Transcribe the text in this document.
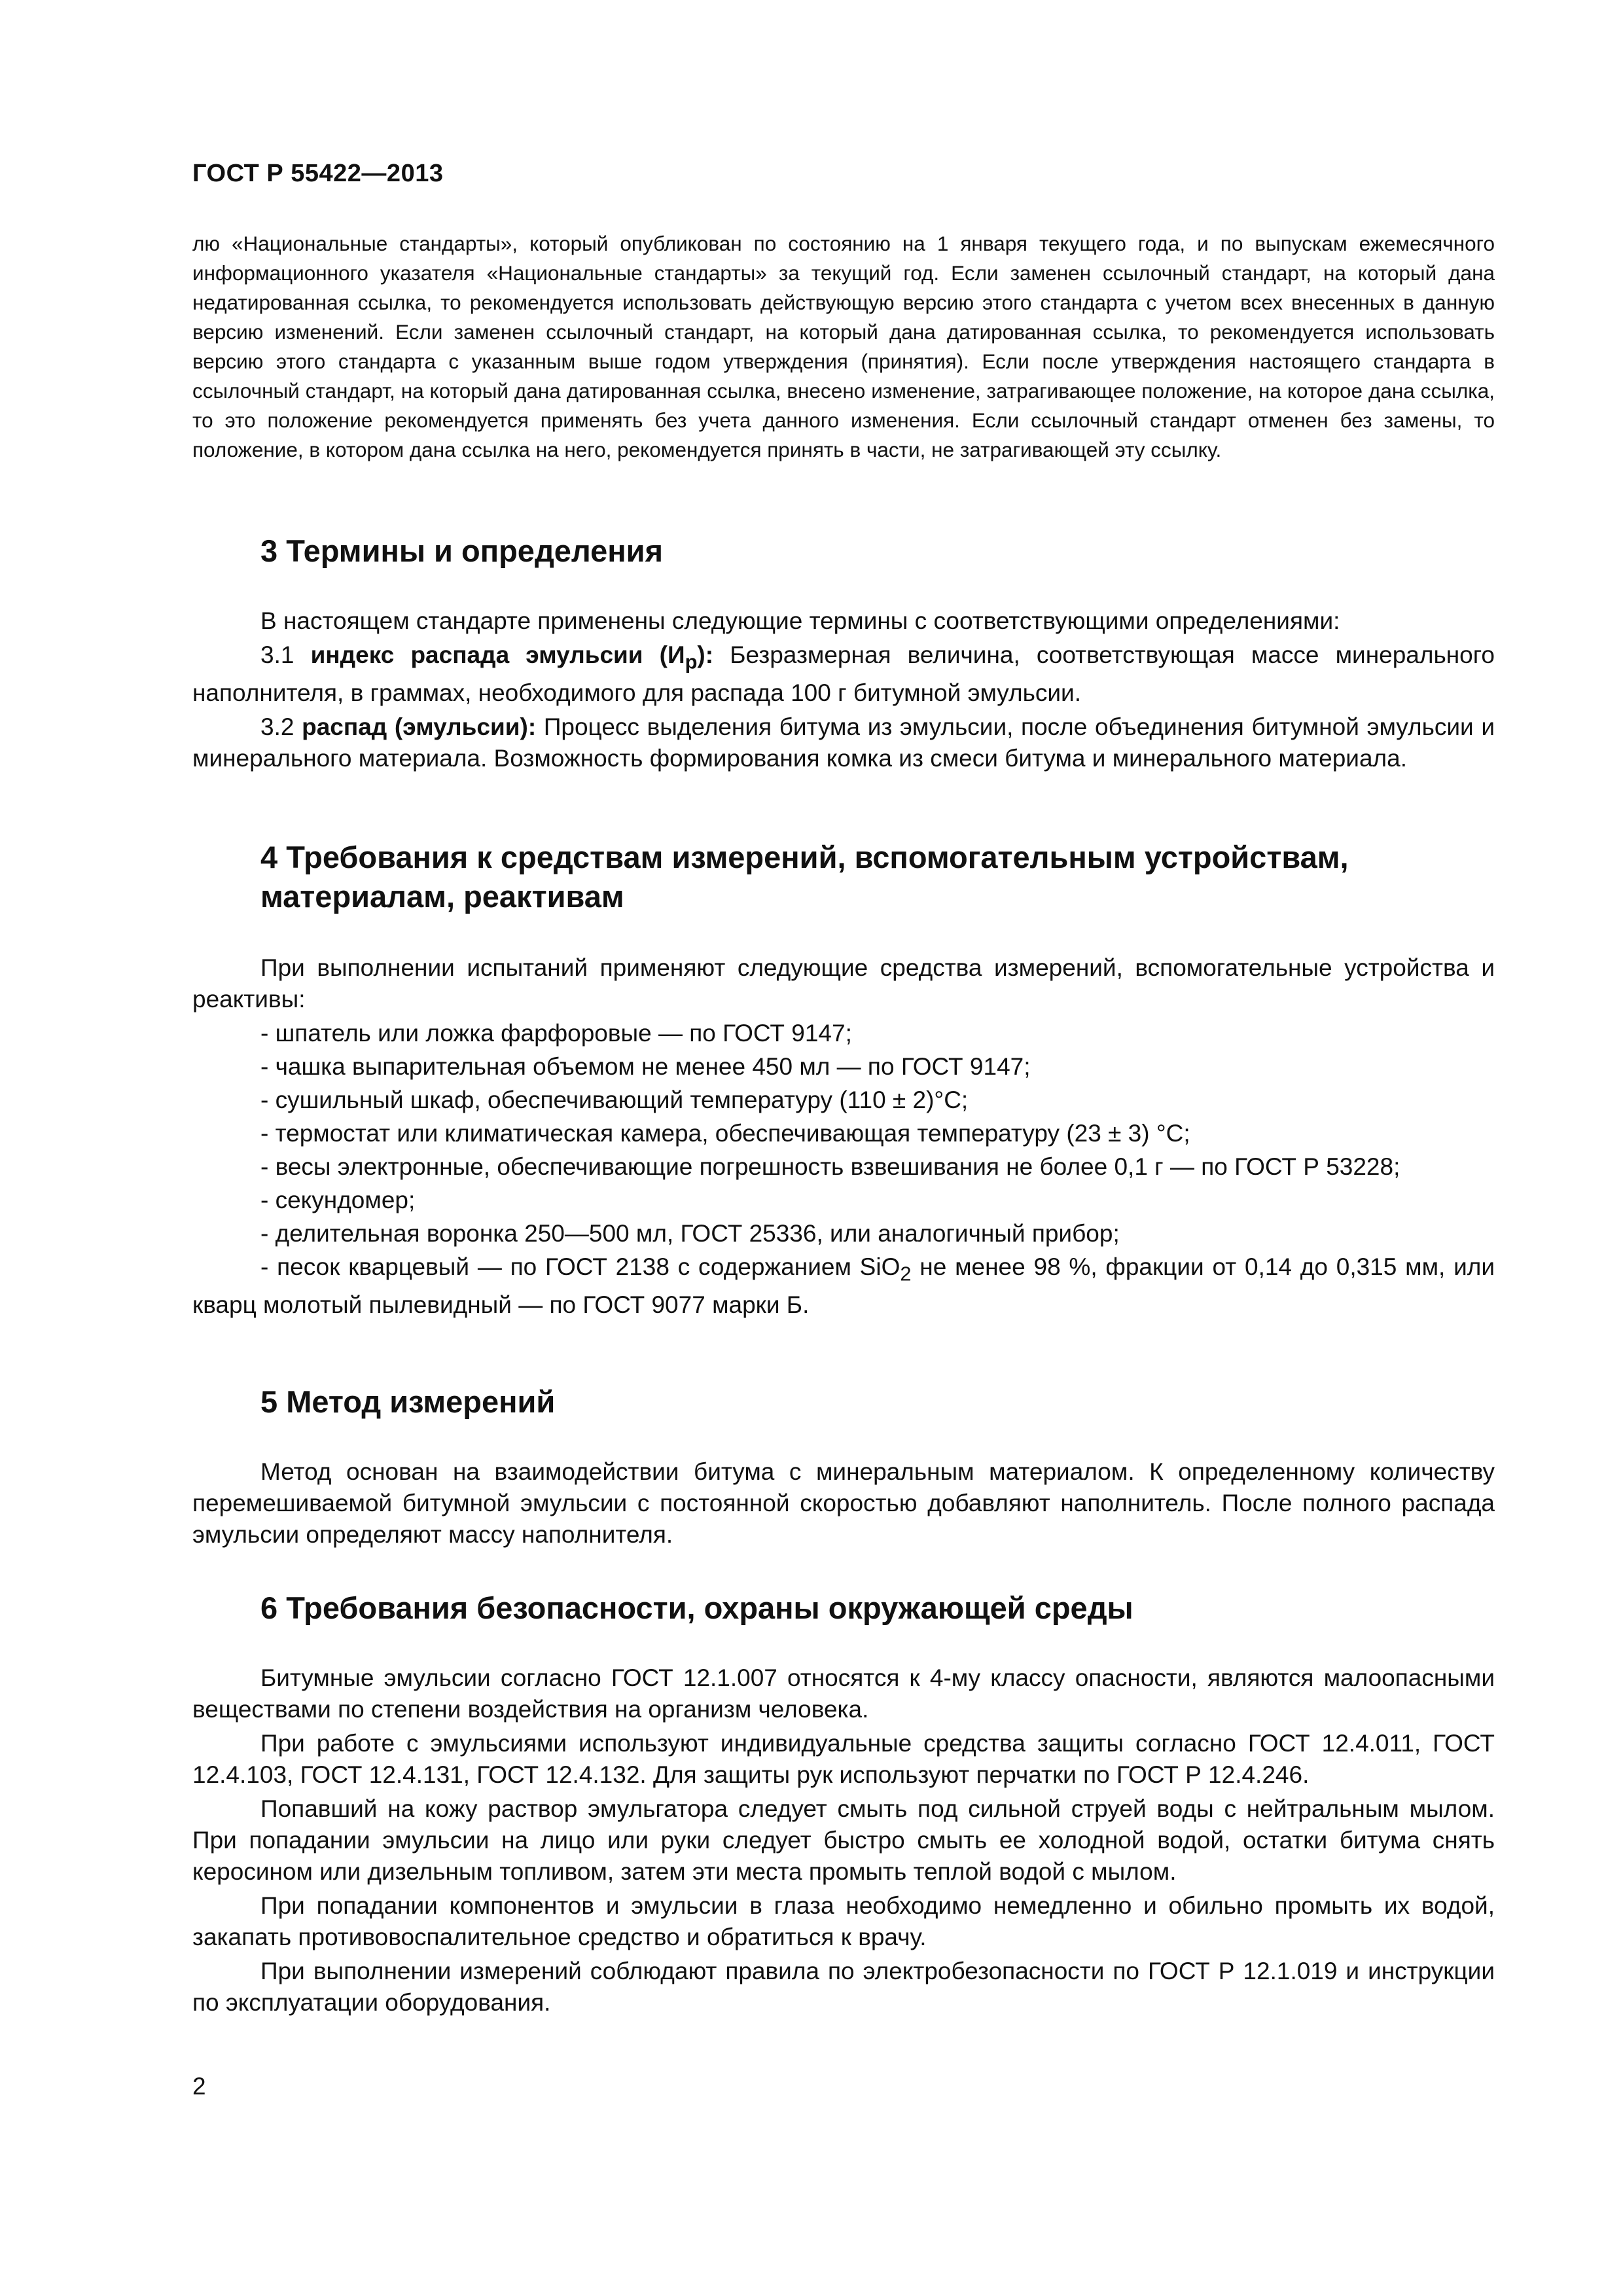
ГОСТ Р 55422—2013
лю «Национальные стандарты», который опубликован по состоянию на 1 января текущего года, и по выпускам ежемесячного информационного указателя «Национальные стандарты» за текущий год. Если заменен ссылочный стандарт, на который дана недатированная ссылка, то рекомендуется использовать действующую версию этого стандарта с учетом всех внесенных в данную версию изменений. Если заменен ссылочный стандарт, на который дана датированная ссылка, то рекомендуется использовать версию этого стандарта с указанным выше годом утверждения (принятия). Если после утверждения настоящего стандарта в ссылочный стандарт, на который дана датированная ссылка, внесено изменение, затрагивающее положение, на которое дана ссылка, то это положение рекомендуется применять без учета данного изменения. Если ссылочный стандарт отменен без замены, то положение, в котором дана ссылка на него, рекомендуется принять в части, не затрагивающей эту ссылку.
3 Термины и определения

В настоящем стандарте применены следующие термины с соответствующими определениями:

3.1 индекс распада эмульсии $(И_р)$: Безразмерная величина, соответствующая массе минерального наполнителя, в граммах, необходимого для распада 100 г битумной эмульсии.

3.2 распад (эмульсии): Процесс выделения битума из эмульсии, после объединения битумной эмульсии и минерального материала. Возможность формирования комка из смеси битума и минерального материала.

4 Требования к средствам измерений, вспомогательным устройствам,
материалам, реактивам

При выполнении испытаний применяют следующие средства измерений, вспомогательные устройства и реактивы:

- шпатель или ложка фарфоровые — по ГОСТ 9147;

- чашка выпарительная объемом не менее 450 мл — по ГОСТ 9147;

- сушильный шкаф, обеспечивающий температуру (110 ± 2)°С;

- термостат или климатическая камера, обеспечивающая температуру (23 ± 3) °С;

- весы электронные, обеспечивающие погрешность взвешивания не более 0,1 г — по ГОСТ Р 53228;

- секундомер;

- делительная воронка 250—500 мл, ГОСТ 25336, или аналогичный прибор;

- песок кварцевый — по ГОСТ 2138 с содержанием SiO$_2$ не менее 98 %, фракции от 0,14 до 0,315 мм, или кварц молотый пылевидный — по ГОСТ 9077 марки Б.

5 Метод измерений

Метод основан на взаимодействии битума с минеральным материалом. К определенному количеству перемешиваемой битумной эмульсии с постоянной скоростью добавляют наполнитель. После полного распада эмульсии определяют массу наполнителя.

6 Требования безопасности, охраны окружающей среды

Битумные эмульсии согласно ГОСТ 12.1.007 относятся к 4-му классу опасности, являются малоопасными веществами по степени воздействия на организм человека.

При работе с эмульсиями используют индивидуальные средства защиты согласно ГОСТ 12.4.011, ГОСТ 12.4.103, ГОСТ 12.4.131, ГОСТ 12.4.132. Для защиты рук используют перчатки по ГОСТ Р 12.4.246.

Попавший на кожу раствор эмульгатора следует смыть под сильной струей воды с нейтральным мылом. При попадании эмульсии на лицо или руки следует быстро смыть ее холодной водой, остатки битума снять керосином или дизельным топливом, затем эти места промыть теплой водой с мылом.

При попадании компонентов и эмульсии в глаза необходимо немедленно и обильно промыть их водой, закапать противовоспалительное средство и обратиться к врачу.

При выполнении измерений соблюдают правила по электробезопасности по ГОСТ Р 12.1.019 и инструкции по эксплуатации оборудования.

2
